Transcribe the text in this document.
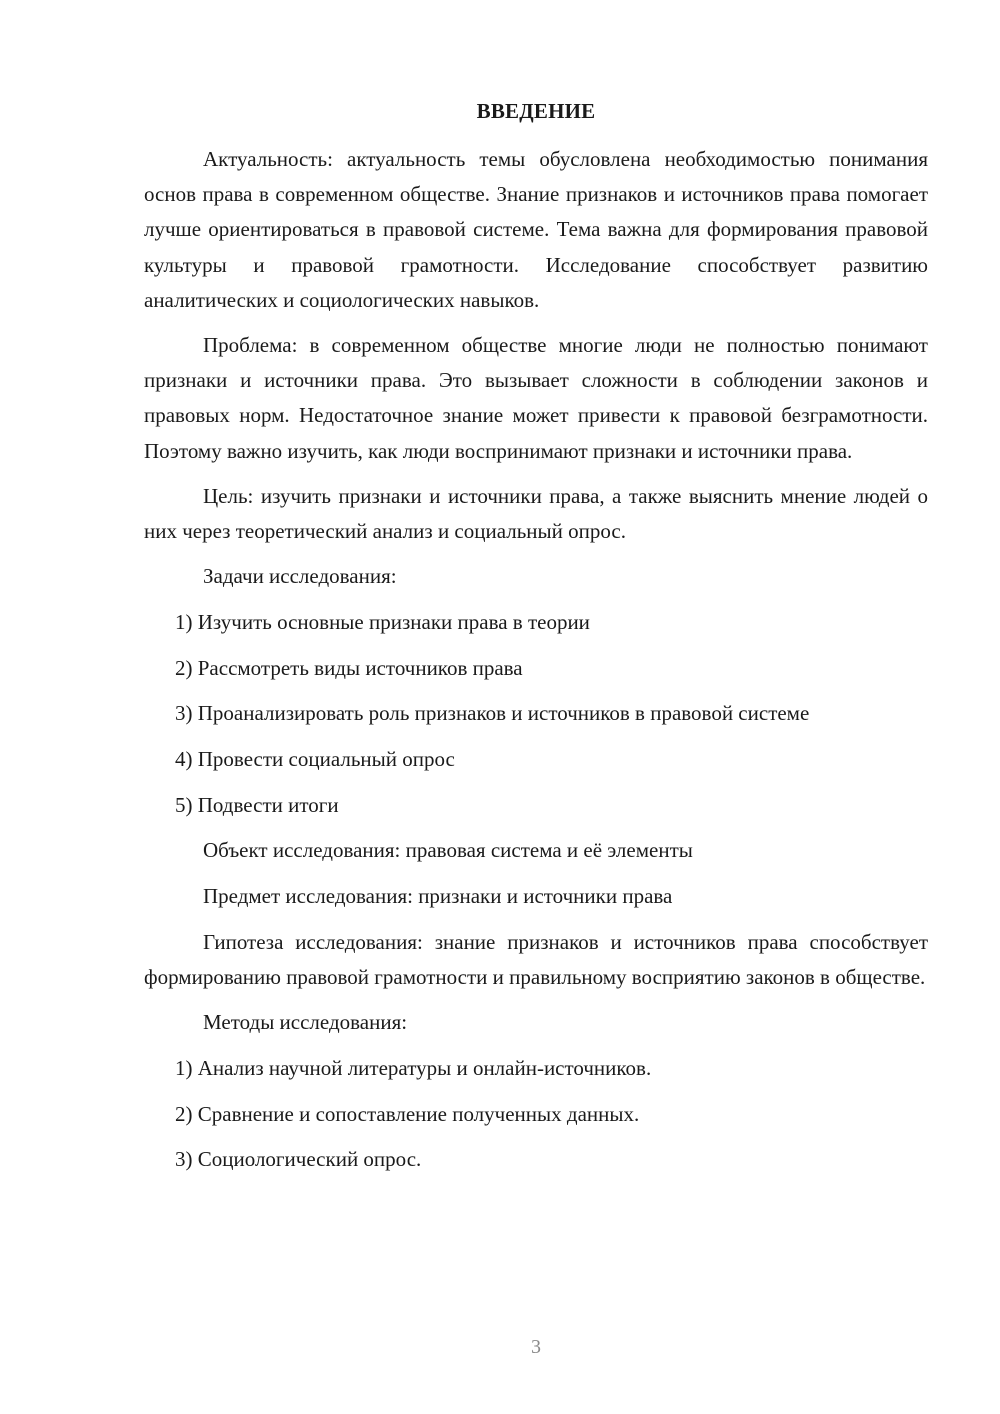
ВВЕДЕНИЕ

Актуальность: актуальность темы обусловлена необходимостью понимания основ права в современном обществе. Знание признаков и источников права помогает лучше ориентироваться в правовой системе. Тема важна для формирования правовой культуры и правовой грамотности. Исследование способствует развитию аналитических и социологических навыков.

Проблема: в современном обществе многие люди не полностью понимают признаки и источники права. Это вызывает сложности в соблюдении законов и правовых норм. Недостаточное знание может привести к правовой безграмотности. Поэтому важно изучить, как люди воспринимают признаки и источники права.

Цель: изучить признаки и источники права, а также выяснить мнение людей о них через теоретический анализ и социальный опрос.

Задачи исследования:

1) Изучить основные признаки права в теории

2) Рассмотреть виды источников права

3) Проанализировать роль признаков и источников в правовой системе

4) Провести социальный опрос

5) Подвести итоги

Объект исследования: правовая система и её элементы

Предмет исследования: признаки и источники права

Гипотеза исследования: знание признаков и источников права способствует формированию правовой грамотности и правильному восприятию законов в обществе.

Методы исследования:

1) Анализ научной литературы и онлайн-источников.

2) Сравнение и сопоставление полученных данных.

3) Социологический опрос.

3
